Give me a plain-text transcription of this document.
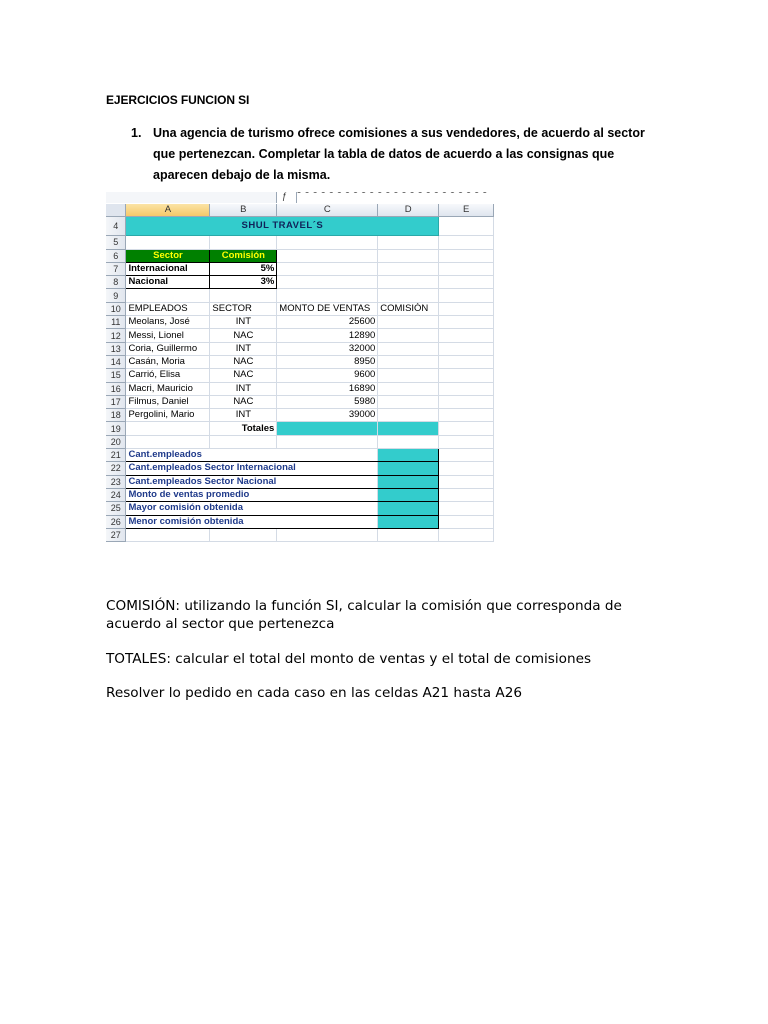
EJERCICIOS FUNCION SI
1. Una agencia de turismo ofrece comisiones a sus vendedores, de acuerdo al sector que pertenezcan. Completar la tabla de datos de acuerdo a las consignas que aparecen debajo de la misma.
ƒ
	A	B	C	D	E
4	SHUL TRAVEL´S				
5					
6	Sector	Comisión			
7	Internacional	5%			
8	Nacional	3%			
9					
10	EMPLEADOS	SECTOR	MONTO DE VENTAS	COMISIÓN	
11	Meolans, José	INT	25600		
12	Messi, Lionel	NAC	12890		
13	Coria, Guillermo	INT	32000		
14	Casán, Moria	NAC	8950		
15	Carrió, Elisa	NAC	9600		
16	Macri, Mauricio	INT	16890		
17	Filmus, Daniel	NAC	5980		
18	Pergolini, Mario	INT	39000		
19		Totales			
20					
21	Cant.empleados				
22	Cant.empleados Sector Internacional				
23	Cant.empleados Sector Nacional				
24	Monto de ventas promedio				
25	Mayor comisión obtenida				
26	Menor comisión obtenida				
27					
COMISIÓN: utilizando la función SI, calcular la comisión que corresponda de acuerdo al sector que pertenezca
TOTALES: calcular el total del monto de ventas y el total de comisiones
Resolver lo pedido en cada caso en las celdas A21 hasta A26
